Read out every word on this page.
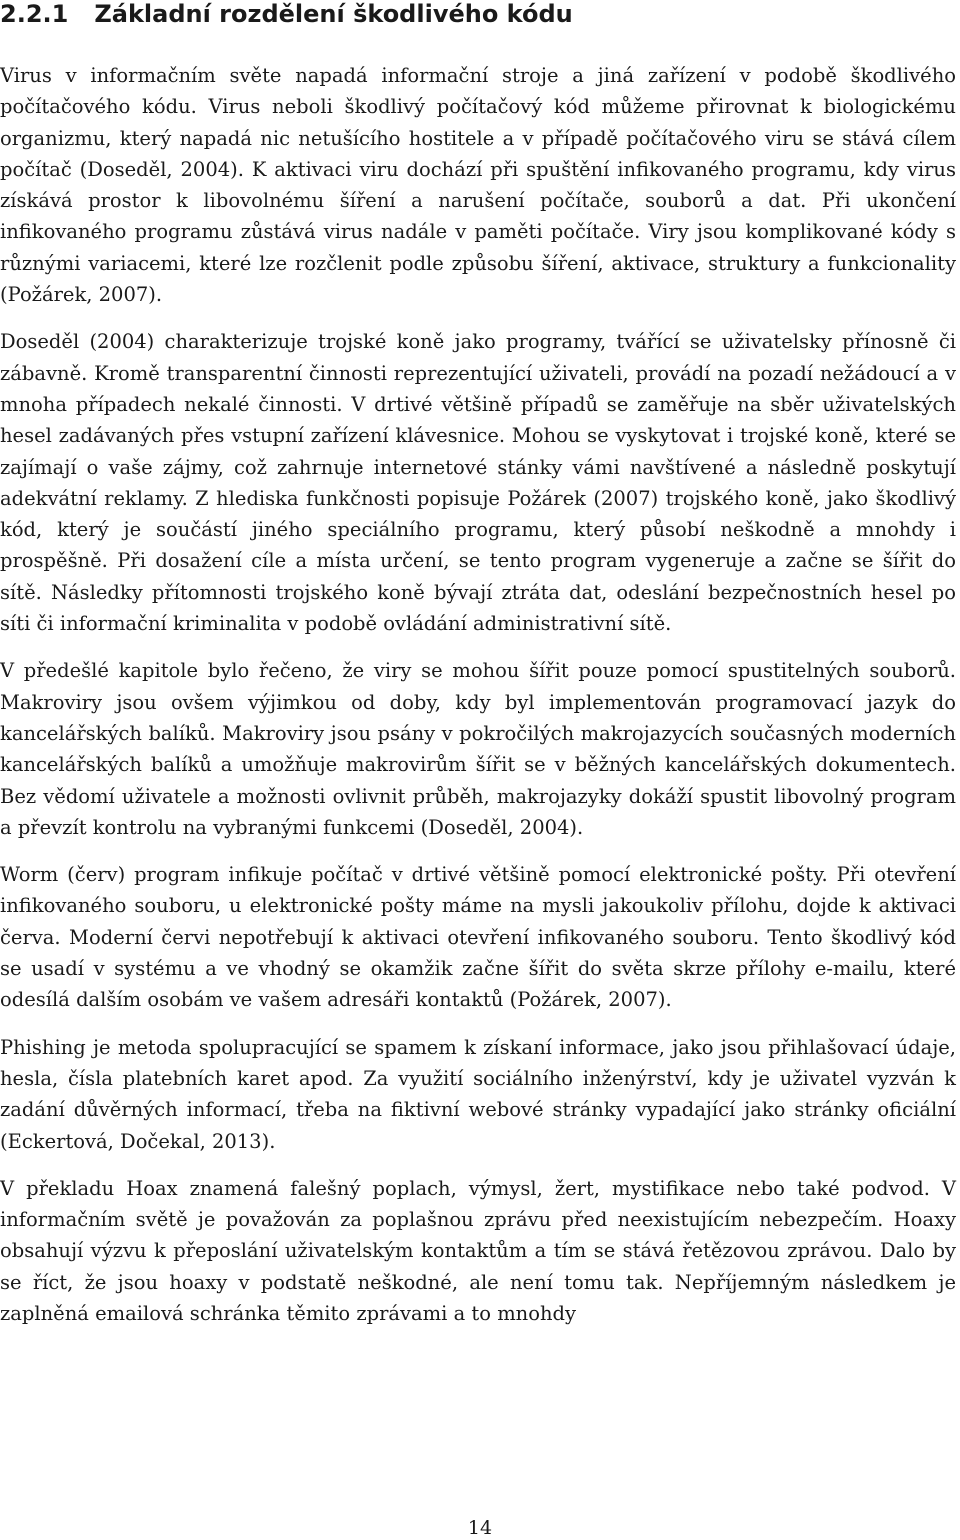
2.2.1 Základní rozdělení škodlivého kódu

Virus v informačním světe napadá informační stroje a jiná zařízení v podobě škodlivého počítačového kódu. Virus neboli škodlivý počítačový kód můžeme přirovnat k biologickému organizmu, který napadá nic netušícího hostitele a v případě počítačového viru se stává cílem počítač (Doseděl, 2004). K aktivaci viru dochází při spuštění infikovaného programu, kdy virus získává prostor k libovolnému šíření a narušení počítače, souborů a dat. Při ukončení infikovaného programu zůstává virus nadále v paměti počítače. Viry jsou komplikované kódy s různými variacemi, které lze rozčlenit podle způsobu šíření, aktivace, struktury a funkcionality (Požárek, 2007).

Doseděl (2004) charakterizuje trojské koně jako programy, tvářící se uživatelsky přínosně či zábavně. Kromě transparentní činnosti reprezentující uživateli, provádí na pozadí nežádoucí a v mnoha případech nekalé činnosti. V drtivé většině případů se zaměřuje na sběr uživatelských hesel zadávaných přes vstupní zařízení klávesnice. Mohou se vyskytovat i trojské koně, které se zajímají o vaše zájmy, což zahrnuje internetové stánky vámi navštívené a následně poskytují adekvátní reklamy. Z hlediska funkčnosti popisuje Požárek (2007) trojského koně, jako škodlivý kód, který je součástí jiného speciálního programu, který působí neškodně a mnohdy i prospěšně. Při dosažení cíle a místa určení, se tento program vygeneruje a začne se šířit do sítě. Následky přítomnosti trojského koně bývají ztráta dat, odeslání bezpečnostních hesel po síti či informační kriminalita v podobě ovládání administrativní sítě.

V předešlé kapitole bylo řečeno, že viry se mohou šířit pouze pomocí spustitelných souborů. Makroviry jsou ovšem výjimkou od doby, kdy byl implementován programovací jazyk do kancelářských balíků. Makroviry jsou psány v pokročilých makrojazycích současných moderních kancelářských balíků a umožňuje makrovirům šířit se v běžných kancelářských dokumentech. Bez vědomí uživatele a možnosti ovlivnit průběh, makrojazyky dokáží spustit libovolný program a převzít kontrolu na vybranými funkcemi (Doseděl, 2004).

Worm (červ) program infikuje počítač v drtivé většině pomocí elektronické pošty. Při otevření infikovaného souboru, u elektronické pošty máme na mysli jakoukoliv přílohu, dojde k aktivaci červa. Moderní červi nepotřebují k aktivaci otevření infikovaného souboru. Tento škodlivý kód se usadí v systému a ve vhodný se okamžik začne šířit do světa skrze přílohy e-mailu, které odesílá dalším osobám ve vašem adresáři kontaktů (Požárek, 2007).

Phishing je metoda spolupracující se spamem k získaní informace, jako jsou přihlašovací údaje, hesla, čísla platebních karet apod. Za využití sociálního inženýrství, kdy je uživatel vyzván k zadání důvěrných informací, třeba na fiktivní webové stránky vypadající jako stránky oficiální (Eckertová, Dočekal, 2013).

V překladu Hoax znamená falešný poplach, výmysl, žert, mystifikace nebo také podvod. V informačním světě je považován za poplašnou zprávu před neexistujícím nebezpečím. Hoaxy obsahují výzvu k přeposlání uživatelským kontaktům a tím se stává řetězovou zprávou. Dalo by se říct, že jsou hoaxy v podstatě neškodné, ale není tomu tak. Nepříjemným následkem je zaplněná emailová schránka těmito zprávami a to mnohdy

14
